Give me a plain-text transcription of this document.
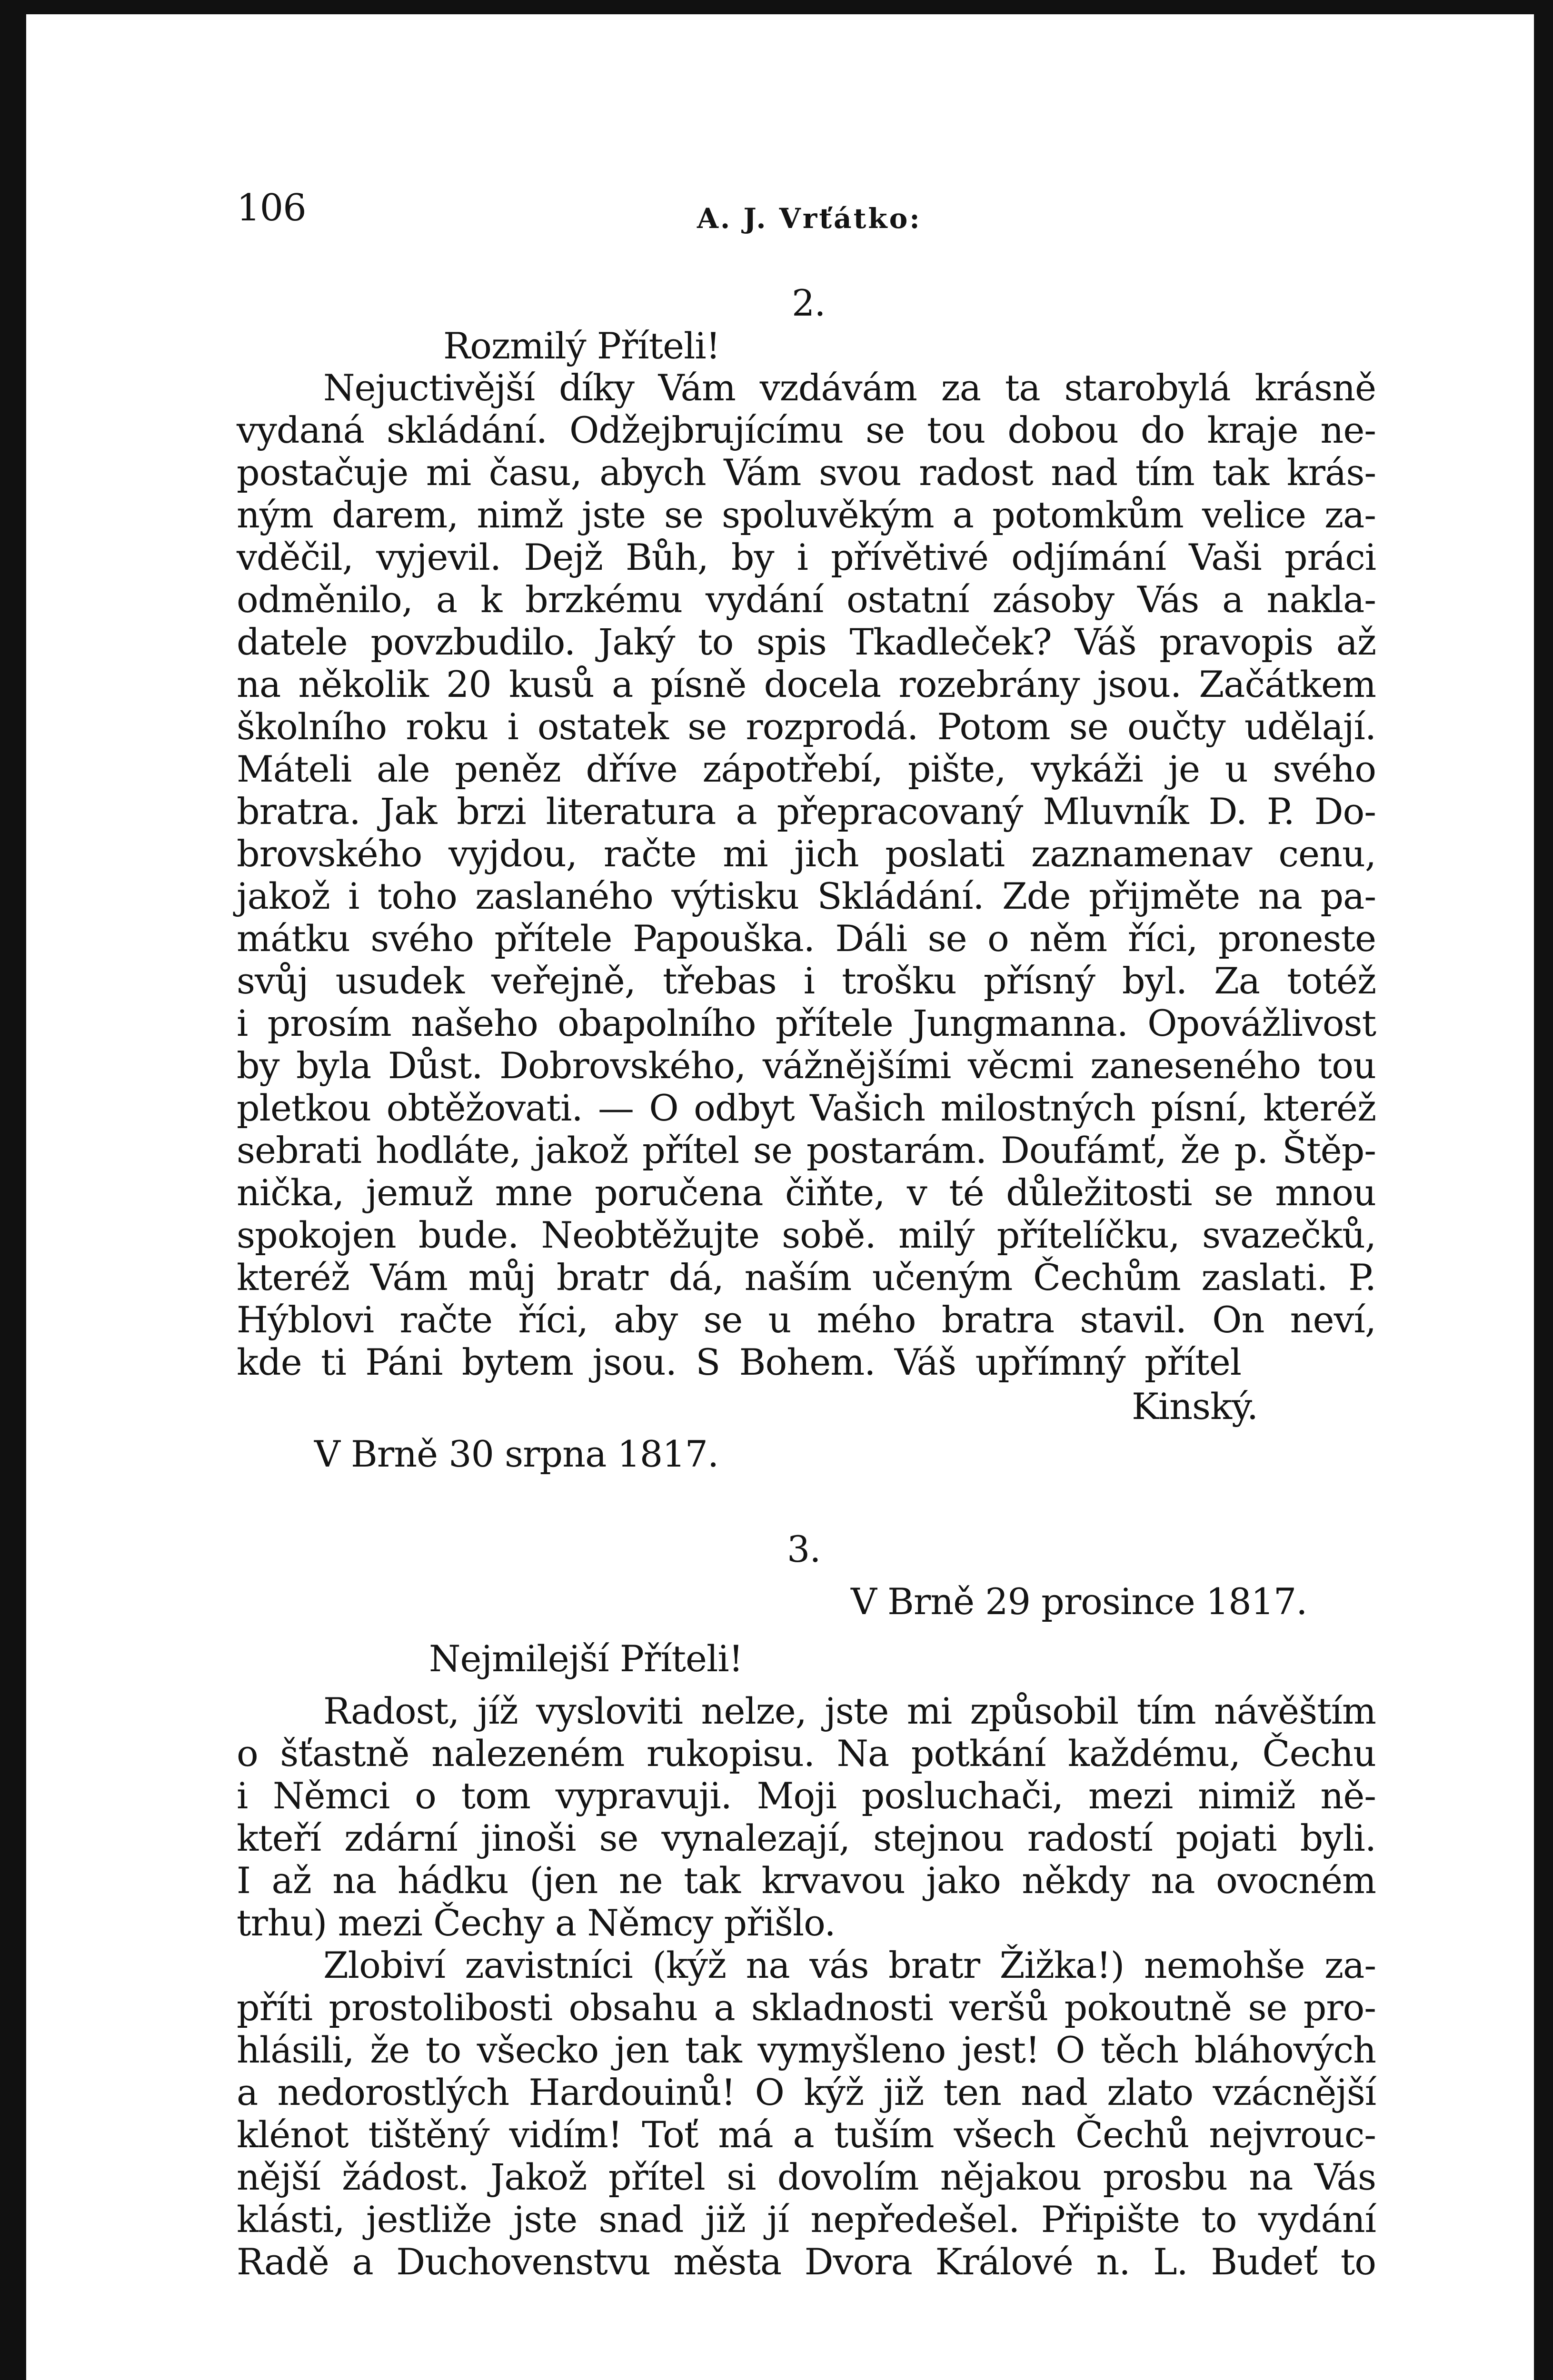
106	A. J. Vrťátko:
2.
Rozmilý Příteli!
Nejuctivější díky Vám vzdávám za ta starobylá krásně
vydaná skládání. Odžejbrujícímu se tou dobou do kraje ne-
postačuje mi času, abych Vám svou radost nad tím tak krás-
ným darem, nimž jste se spoluvěkým a potomkům velice za-
vděčil, vyjevil. Dejž Bůh, by i přívětivé odjímání Vaši práci
odměnilo, a k brzkému vydání ostatní zásoby Vás a nakla-
datele povzbudilo. Jaký to spis Tkadleček? Váš pravopis až
na několik 20 kusů a písně docela rozebrány jsou. Začátkem
školního roku i ostatek se rozprodá. Potom se oučty udělají.
Máteli ale peněz dříve zápotřebí, pište, vykáži je u svého
bratra. Jak brzi literatura a přepracovaný Mluvník D. P. Do-
brovského vyjdou, račte mi jich poslati zaznamenav cenu,
jakož i toho zaslaného výtisku Skládání. Zde přijměte na pa-
mátku svého přítele Papouška. Dáli se o něm říci, proneste
svůj usudek veřejně, třebas i trošku přísný byl. Za totéž
i prosím našeho obapolního přítele Jungmanna. Opovážlivost
by byla Důst. Dobrovského, vážnějšími věcmi zaneseného tou
pletkou obtěžovati. — O odbyt Vašich milostných písní, kteréž
sebrati hodláte, jakož přítel se postarám. Doufámť, že p. Štěp-
nička, jemuž mne poručena čiňte, v té důležitosti se mnou
spokojen bude. Neobtěžujte sobě. milý přítelíčku, svazečků,
kteréž Vám můj bratr dá, naším učeným Čechům zaslati. P.
Hýblovi račte říci, aby se u mého bratra stavil. On neví,
kde ti Páni bytem jsou. S Bohem. Váš upřímný přítel
Kinský.
V Brně 30 srpna 1817.
3.
V Brně 29 prosince 1817.
Nejmilejší Příteli!
Radost, jíž vysloviti nelze, jste mi způsobil tím návěštím
o šťastně nalezeném rukopisu. Na potkání každému, Čechu
i Němci o tom vypravuji. Moji posluchači, mezi nimiž ně-
kteří zdární jinoši se vynalezají, stejnou radostí pojati byli.
I až na hádku (jen ne tak krvavou jako někdy na ovocném
trhu) mezi Čechy a Němcy přišlo.
Zlobiví zavistníci (kýž na vás bratr Žižka!) nemohše za-
příti prostolibosti obsahu a skladnosti veršů pokoutně se pro-
hlásili, že to všecko jen tak vymyšleno jest! O těch bláhových
a nedorostlých Hardouinů! O kýž již ten nad zlato vzácnější
klénot tištěný vidím! Toť má a tuším všech Čechů nejvrouc-
nější žádost. Jakož přítel si dovolím nějakou prosbu na Vás
klásti, jestliže jste snad již jí nepředešel. Připište to vydání
Radě a Duchovenstvu města Dvora Králové n. L. Budeť to
